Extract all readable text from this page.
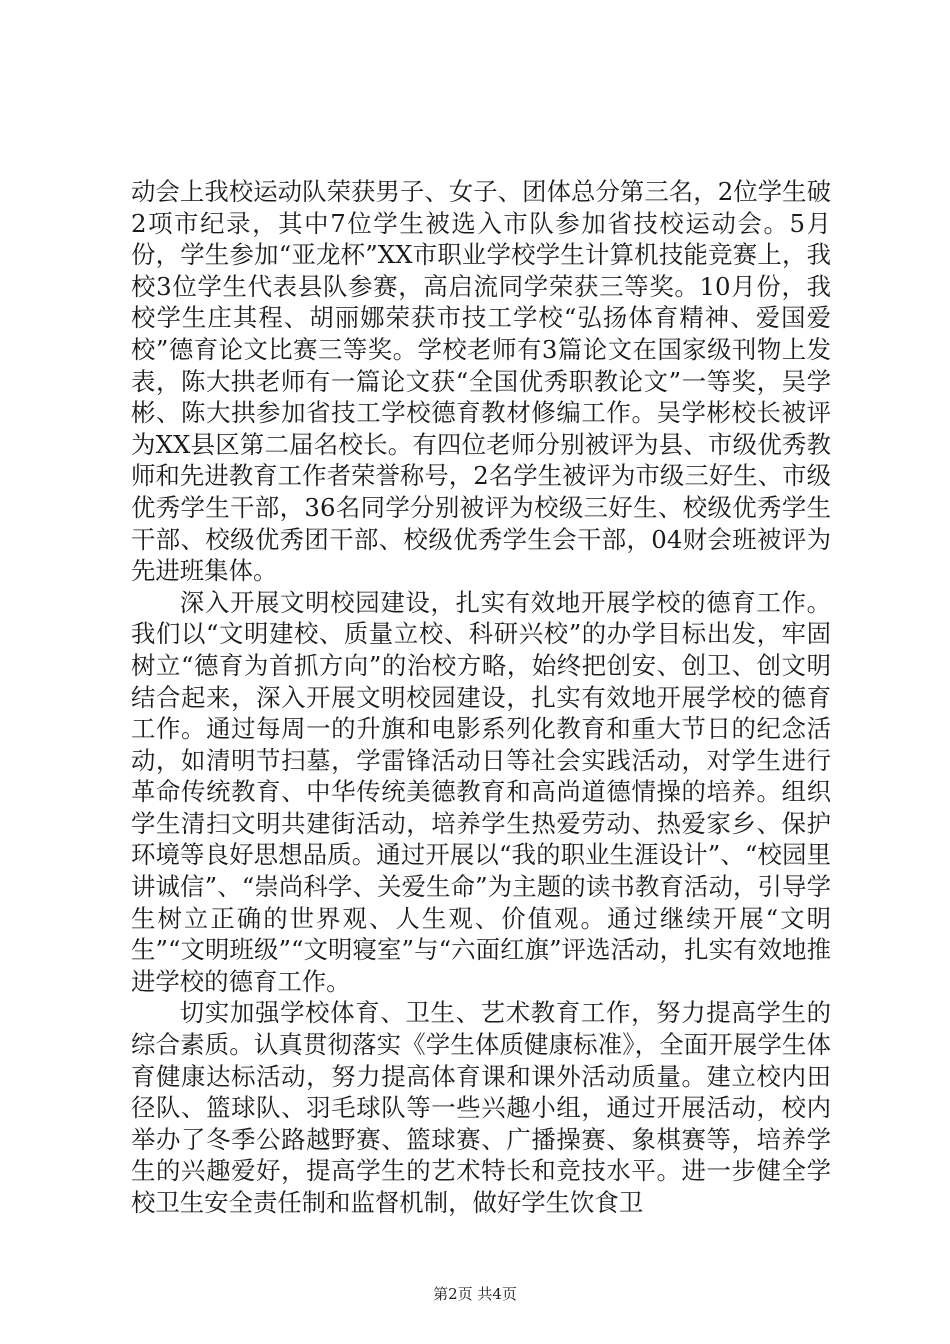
动会上我校运动队荣获男子、女子、团体总分第三名，2位学生破2项市纪录，其中7位学生被选入市队参加省技校运动会。5月份，学生参加“亚龙杯”XX市职业学校学生计算机技能竞赛上，我校3位学生代表县队参赛，高启流同学荣获三等奖。10月份，我校学生庄其程、胡丽娜荣获市技工学校“弘扬体育精神、爱国爱校”德育论文比赛三等奖。学校老师有3篇论文在国家级刊物上发表，陈大拱老师有一篇论文获“全国优秀职教论文”一等奖，吴学彬、陈大拱参加省技工学校德育教材修编工作。吴学彬校长被评为XX县区第二届名校长。有四位老师分别被评为县、市级优秀教师和先进教育工作者荣誉称号，2名学生被评为市级三好生、市级优秀学生干部，36名同学分别被评为校级三好生、校级优秀学生干部、校级优秀团干部、校级优秀学生会干部，04财会班被评为先进班集体。

深入开展文明校园建设，扎实有效地开展学校的德育工作。我们以“文明建校、质量立校、科研兴校”的办学目标出发，牢固树立“德育为首抓方向”的治校方略，始终把创安、创卫、创文明结合起来，深入开展文明校园建设，扎实有效地开展学校的德育工作。通过每周一的升旗和电影系列化教育和重大节日的纪念活动，如清明节扫墓，学雷锋活动日等社会实践活动，对学生进行革命传统教育、中华传统美德教育和高尚道德情操的培养。组织学生清扫文明共建街活动，培养学生热爱劳动、热爱家乡、保护环境等良好思想品质。通过开展以“我的职业生涯设计”、“校园里讲诚信”、“崇尚科学、关爱生命”为主题的读书教育活动，引导学生树立正确的世界观、人生观、价值观。通过继续开展“文明生”“文明班级”“文明寝室”与“六面红旗”评选活动，扎实有效地推进学校的德育工作。

切实加强学校体育、卫生、艺术教育工作，努力提高学生的综合素质。认真贯彻落实《学生体质健康标准》，全面开展学生体育健康达标活动，努力提高体育课和课外活动质量。建立校内田径队、篮球队、羽毛球队等一些兴趣小组，通过开展活动，校内举办了冬季公路越野赛、篮球赛、广播操赛、象棋赛等，培养学生的兴趣爱好，提高学生的艺术特长和竞技水平。进一步健全学校卫生安全责任制和监督机制，做好学生饮食卫

第2页 共4页
